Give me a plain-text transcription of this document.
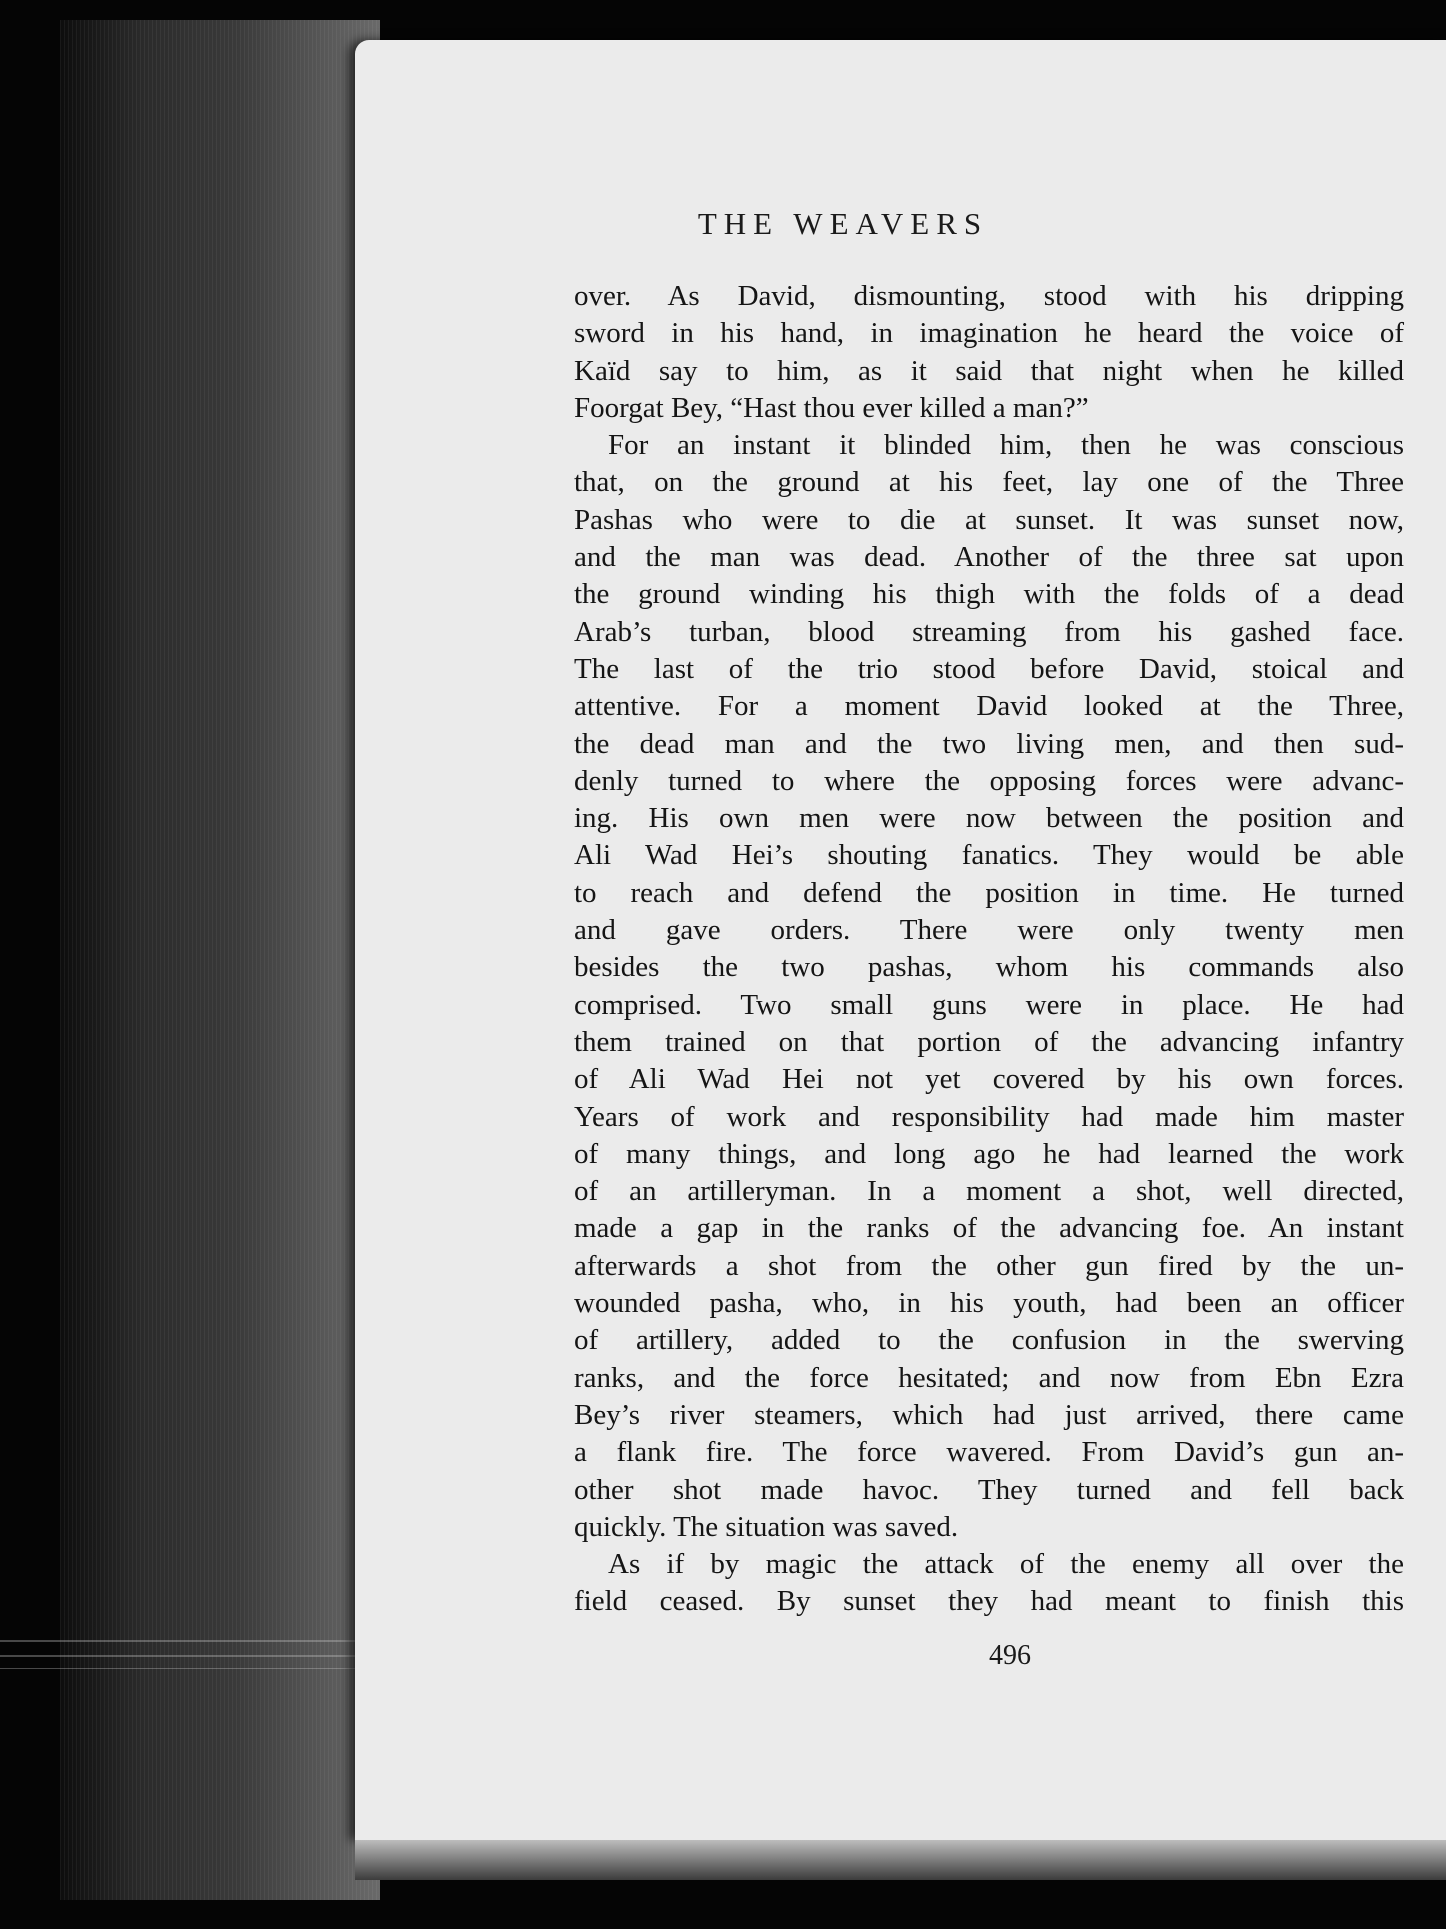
THE WEAVERS

over. As David, dismounting, stood with his dripping

sword in his hand, in imagination he heard the voice of

Kaïd say to him, as it said that night when he killed

Foorgat Bey, “Hast thou ever killed a man?”

For an instant it blinded him, then he was conscious

that, on the ground at his feet, lay one of the Three

Pashas who were to die at sunset. It was sunset now,

and the man was dead. Another of the three sat upon

the ground winding his thigh with the folds of a dead

Arab’s turban, blood streaming from his gashed face.

The last of the trio stood before David, stoical and

attentive. For a moment David looked at the Three,

the dead man and the two living men, and then sud-

denly turned to where the opposing forces were advanc-

ing. His own men were now between the position and

Ali Wad Hei’s shouting fanatics. They would be able

to reach and defend the position in time. He turned

and gave orders. There were only twenty men

besides the two pashas, whom his commands also

comprised. Two small guns were in place. He had

them trained on that portion of the advancing infantry

of Ali Wad Hei not yet covered by his own forces.

Years of work and responsibility had made him master

of many things, and long ago he had learned the work

of an artilleryman. In a moment a shot, well directed,

made a gap in the ranks of the advancing foe. An instant

afterwards a shot from the other gun fired by the un-

wounded pasha, who, in his youth, had been an officer

of artillery, added to the confusion in the swerving

ranks, and the force hesitated; and now from Ebn Ezra

Bey’s river steamers, which had just arrived, there came

a flank fire. The force wavered. From David’s gun an-

other shot made havoc. They turned and fell back

quickly. The situation was saved.

As if by magic the attack of the enemy all over the

field ceased. By sunset they had meant to finish this

496
